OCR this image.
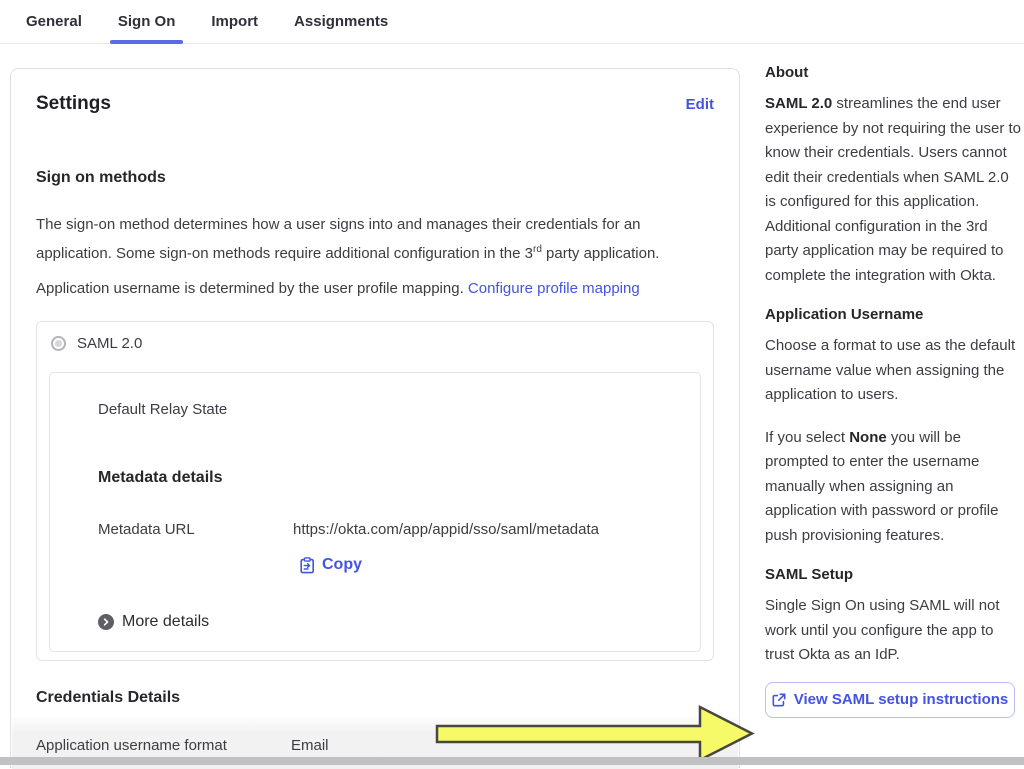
General Sign On Import Assignments
Settings	Edit
Sign on methods

The sign-on method determines how a user signs into and manages their credentials for an application. Some sign-on methods require additional configuration in the 3rd party application.

Application username is determined by the user profile mapping. Configure profile mapping

SAML 2.0
Default Relay State
Metadata details
Metadata URL	https://okta.com/app/appid/sso/saml/metadata
Copy
More details
Credentials Details
Application username format	Email
About

SAML 2.0 streamlines the end user experience by not requiring the user to know their credentials. Users cannot edit their credentials when SAML 2.0 is configured for this application. Additional configuration in the 3rd party application may be required to complete the integration with Okta.

Application Username

Choose a format to use as the default username value when assigning the application to users.

If you select None you will be prompted to enter the username manually when assigning an application with password or profile push provisioning features.

SAML Setup

Single Sign On using SAML will not work until you configure the app to trust Okta as an IdP.

View SAML setup instructions
